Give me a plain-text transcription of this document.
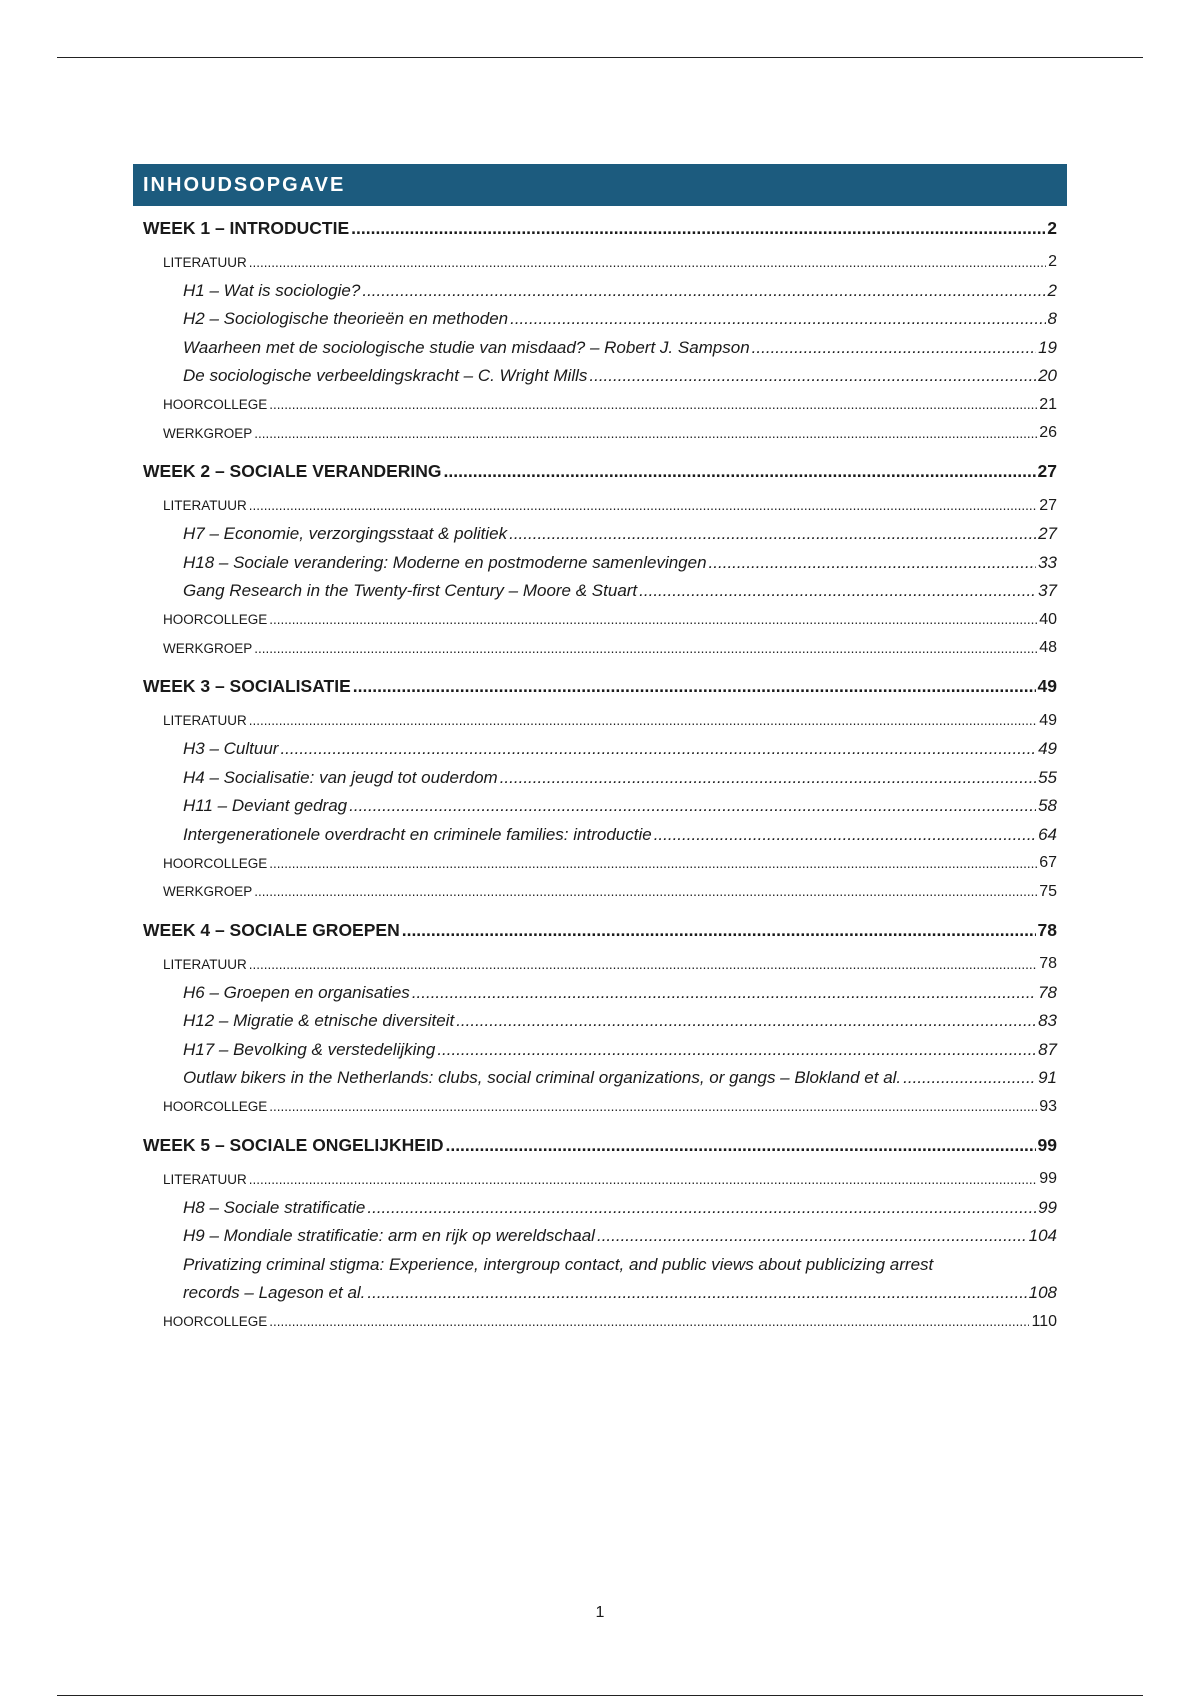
INHOUDSOPGAVE
WEEK 1 – INTRODUCTIE .....	2
LITERATUUR .....	2
H1 – Wat is sociologie? .....	2
H2 – Sociologische theorieën en methoden .....	8
Waarheen met de sociologische studie van misdaad? – Robert J. Sampson .....	19
De sociologische verbeeldingskracht – C. Wright Mills .....	20
HOORCOLLEGE .....	21
WERKGROEP .....	26
WEEK 2 – SOCIALE VERANDERING .....	27
LITERATUUR .....	27
H7 – Economie, verzorgingsstaat & politiek .....	27
H18 – Sociale verandering: Moderne en postmoderne samenlevingen .....	33
Gang Research in the Twenty-first Century – Moore & Stuart .....	37
HOORCOLLEGE .....	40
WERKGROEP .....	48
WEEK 3 – SOCIALISATIE .....	49
LITERATUUR .....	49
H3 – Cultuur .....	49
H4 – Socialisatie: van jeugd tot ouderdom .....	55
H11 – Deviant gedrag .....	58
Intergenerationele overdracht en criminele families: introductie .....	64
HOORCOLLEGE .....	67
WERKGROEP .....	75
WEEK 4 – SOCIALE GROEPEN .....	78
LITERATUUR .....	78
H6 – Groepen en organisaties .....	78
H12 – Migratie & etnische diversiteit .....	83
H17 – Bevolking & verstedelijking .....	87
Outlaw bikers in the Netherlands: clubs, social criminal organizations, or gangs – Blokland et al. .....	91
HOORCOLLEGE .....	93
WEEK 5 – SOCIALE ONGELIJKHEID .....	99
LITERATUUR .....	99
H8 – Sociale stratificatie .....	99
H9 – Mondiale stratificatie: arm en rijk op wereldschaal .....	104
Privatizing criminal stigma: Experience, intergroup contact, and public views about publicizing arrest
records – Lageson et al. .....	108
HOORCOLLEGE .....	110
1
